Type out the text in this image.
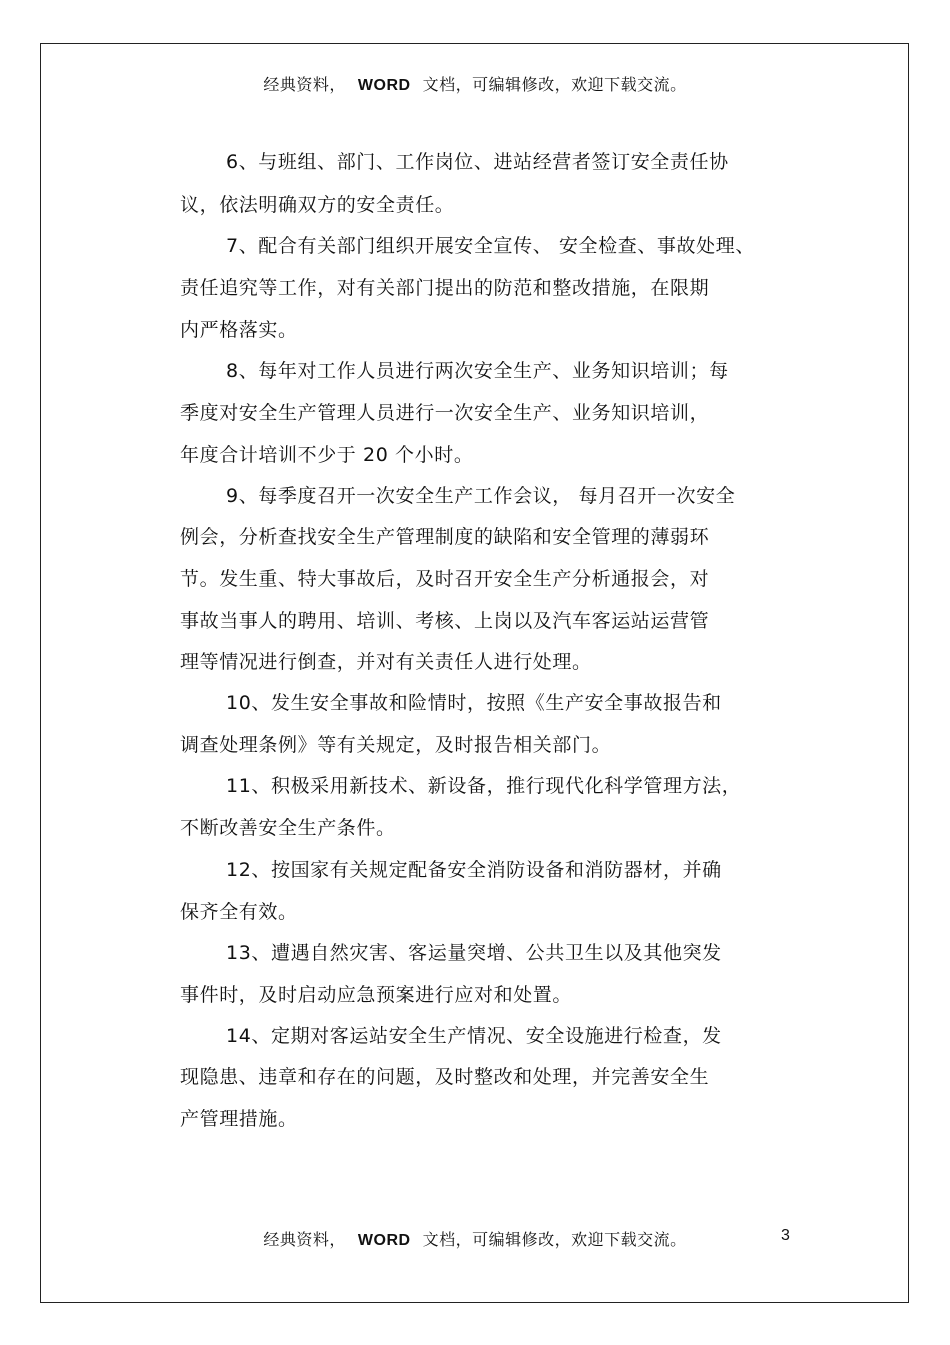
经典资料， WORD 文档，可编辑修改，欢迎下载交流。
6、与班组、部门、工作岗位、进站经营者签订安全责任协
议，依法明确双方的安全责任。
7、配合有关部门组织开展安全宣传、 安全检查、事故处理、
责任追究等工作，对有关部门提出的防范和整改措施，在限期
内严格落实。
8、每年对工作人员进行两次安全生产、业务知识培训；每
季度对安全生产管理人员进行一次安全生产、业务知识培训，
年度合计培训不少于 20 个小时。
9、每季度召开一次安全生产工作会议， 每月召开一次安全
例会，分析查找安全生产管理制度的缺陷和安全管理的薄弱环
节。发生重、特大事故后，及时召开安全生产分析通报会，对
事故当事人的聘用、培训、考核、上岗以及汽车客运站运营管
理等情况进行倒查，并对有关责任人进行处理。
10、发生安全事故和险情时，按照《生产安全事故报告和
调查处理条例》等有关规定，及时报告相关部门。
11、积极采用新技术、新设备，推行现代化科学管理方法，
不断改善安全生产条件。
12、按国家有关规定配备安全消防设备和消防器材，并确
保齐全有效。
13、遭遇自然灾害、客运量突增、公共卫生以及其他突发
事件时，及时启动应急预案进行应对和处置。
14、定期对客运站安全生产情况、安全设施进行检查，发
现隐患、违章和存在的问题，及时整改和处理，并完善安全生
产管理措施。
经典资料， WORD 文档，可编辑修改，欢迎下载交流。	3
